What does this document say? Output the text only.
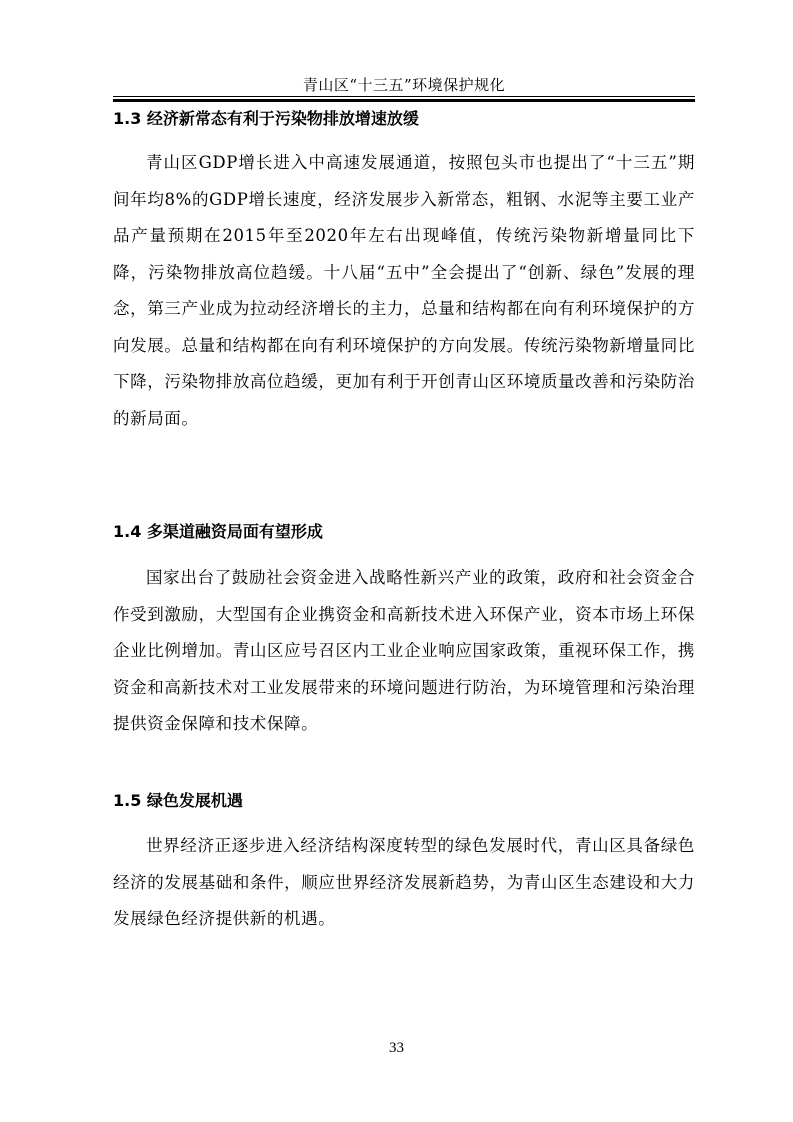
青山区“十三五”环境保护规化
1.3 经济新常态有利于污染物排放增速放缓

青山区GDP增长进入中高速发展通道，按照包头市也提出了“十三五”期间年均8%的GDP增长速度，经济发展步入新常态，粗钢、水泥等主要工业产品产量预期在2015年至2020年左右出现峰值，传统污染物新增量同比下降，污染物排放高位趋缓。十八届“五中”全会提出了“创新、绿色”发展的理念，第三产业成为拉动经济增长的主力，总量和结构都在向有利环境保护的方向发展。总量和结构都在向有利环境保护的方向发展。传统污染物新增量同比下降，污染物排放高位趋缓，更加有利于开创青山区环境质量改善和污染防治的新局面。

1.4 多渠道融资局面有望形成

国家出台了鼓励社会资金进入战略性新兴产业的政策，政府和社会资金合作受到激励，大型国有企业携资金和高新技术进入环保产业，资本市场上环保企业比例增加。青山区应号召区内工业企业响应国家政策，重视环保工作，携资金和高新技术对工业发展带来的环境问题进行防治，为环境管理和污染治理提供资金保障和技术保障。

1.5 绿色发展机遇

世界经济正逐步进入经济结构深度转型的绿色发展时代，青山区具备绿色经济的发展基础和条件，顺应世界经济发展新趋势，为青山区生态建设和大力发展绿色经济提供新的机遇。

33
